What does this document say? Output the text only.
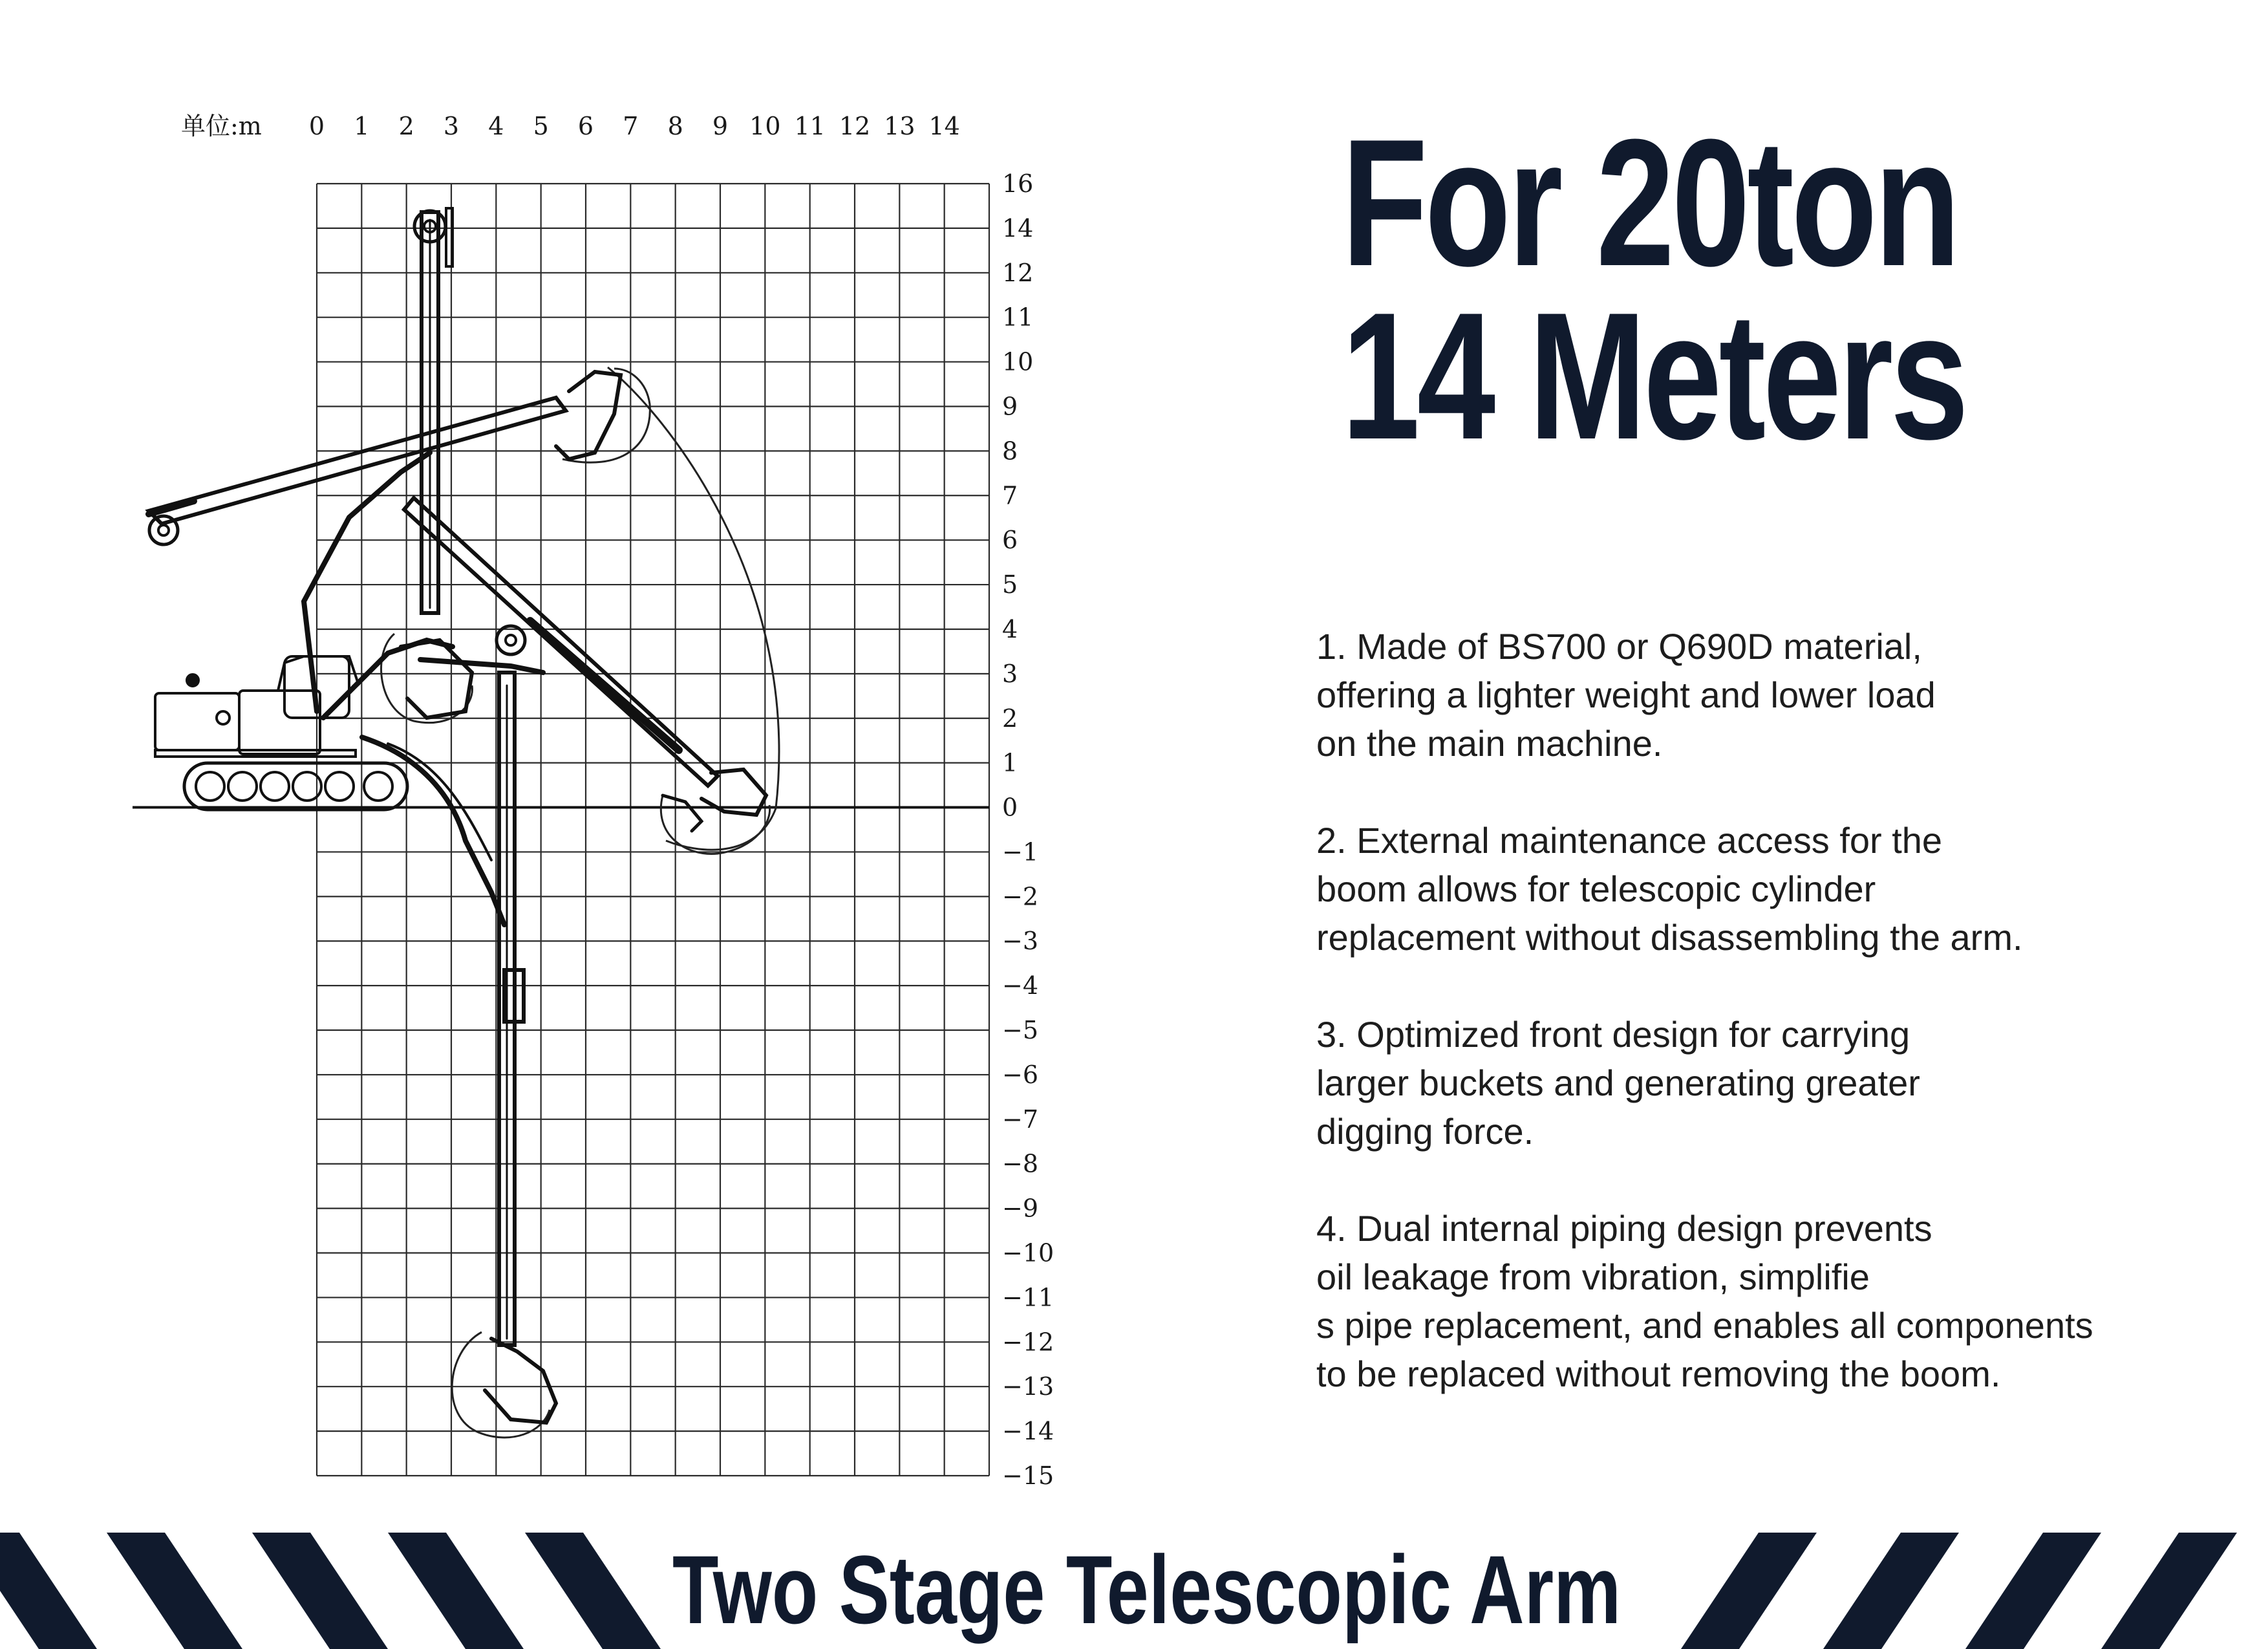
0 1 2 3 4 5 6 7 8 9 10 11 12 13 14
16
14
12
11
10
9
8
7
6
5
4
3
2
1
0
−1
−2
−3
−4
−5
−6
−7
−8
−9
−10
−11
−12
−13
−14
−15
单位:m	For 20ton
14 Meters
1. Made of BS700 or Q690D material,
offering a lighter weight and lower load
on the main machine.
2. External maintenance access for the
boom allows for telescopic cylinder
replacement without disassembling the arm.
3. Optimized front design for carrying
larger buckets and generating greater
digging force.
4. Dual internal piping design prevents
oil leakage from vibration, simplifie
s pipe replacement, and enables all components
to be replaced without removing the boom.
Two Stage Telescopic Arm
